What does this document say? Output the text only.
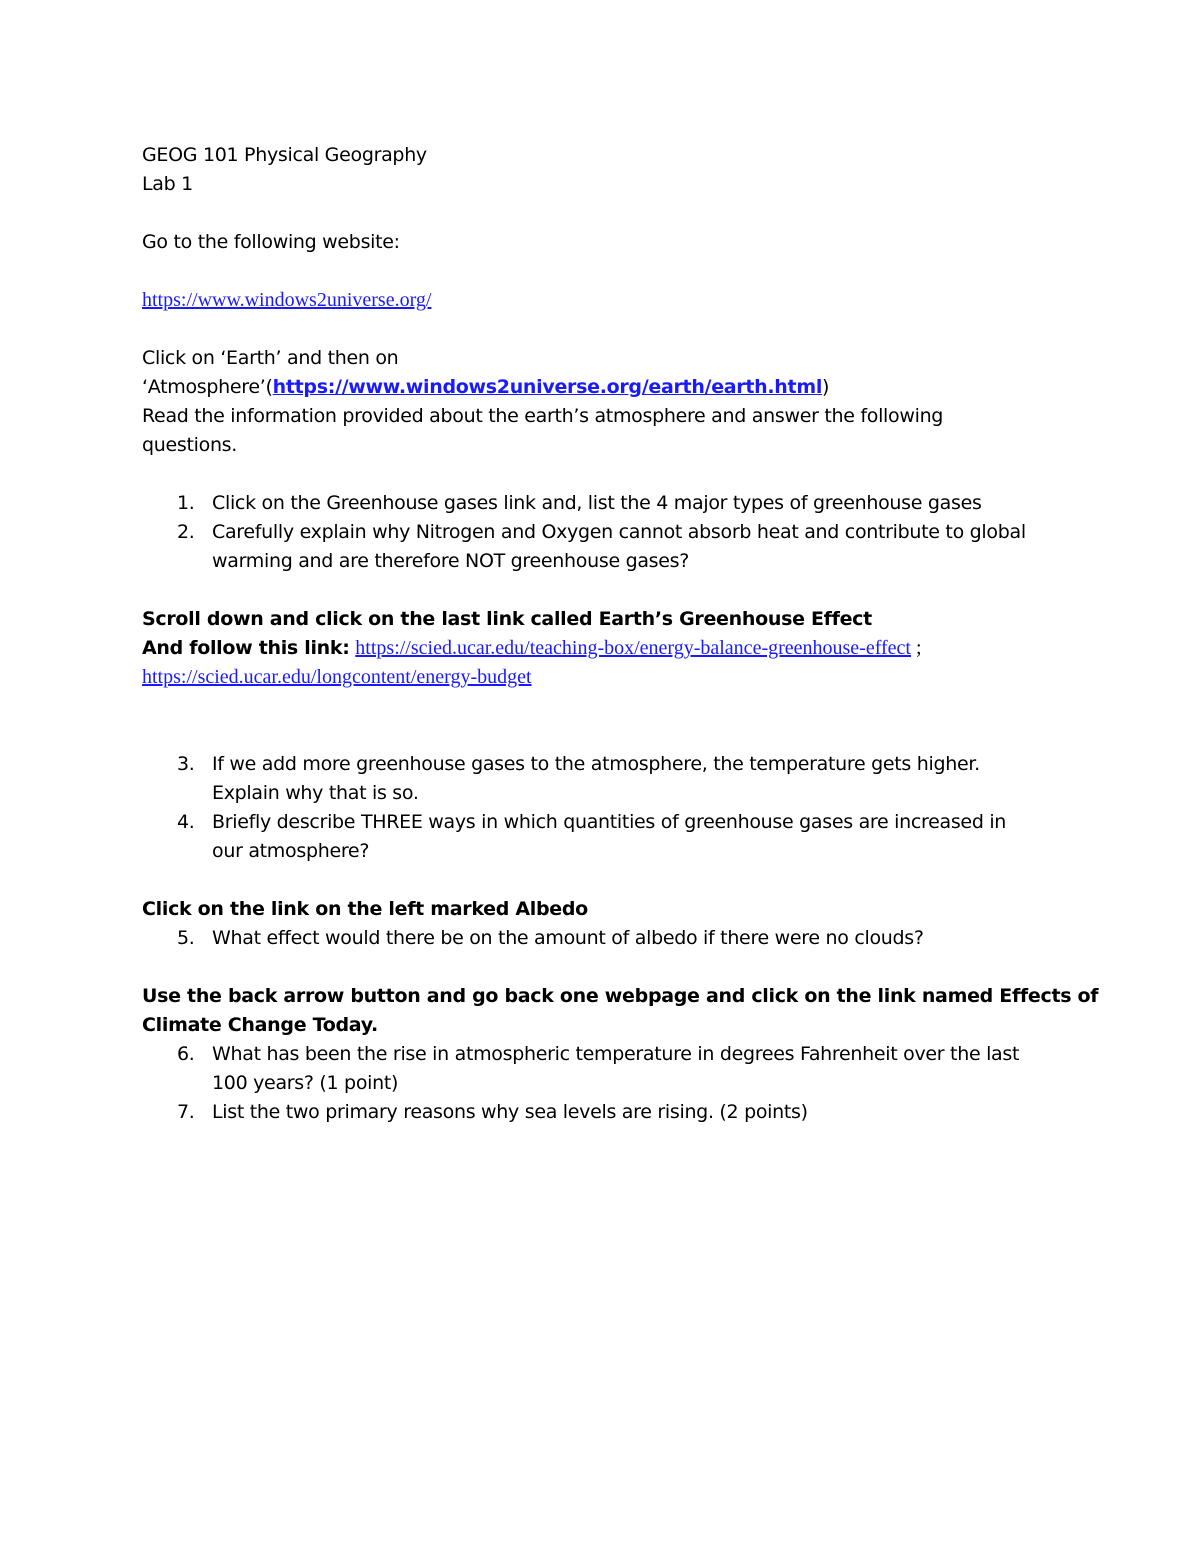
GEOG 101 Physical Geography
Lab 1
Go to the following website:
https://www.windows2universe.org/
Click on ‘Earth’ and then on
‘Atmosphere’(https://www.windows2universe.org/earth/earth.html)
Read the information provided about the earth’s atmosphere and answer the following
questions.
1. Click on the Greenhouse gases link and, list the 4 major types of greenhouse gases
2. Carefully explain why Nitrogen and Oxygen cannot absorb heat and contribute to global
warming and are therefore NOT greenhouse gases?
Scroll down and click on the last link called Earth’s Greenhouse Effect
And follow this link: https://scied.ucar.edu/teaching-box/energy-balance-greenhouse-effect ;
https://scied.ucar.edu/longcontent/energy-budget
3. If we add more greenhouse gases to the atmosphere, the temperature gets higher.
Explain why that is so.
4. Briefly describe THREE ways in which quantities of greenhouse gases are increased in
our atmosphere?
Click on the link on the left marked Albedo
5. What effect would there be on the amount of albedo if there were no clouds?
Use the back arrow button and go back one webpage and click on the link named Effects of
Climate Change Today.
6. What has been the rise in atmospheric temperature in degrees Fahrenheit over the last
100 years? (1 point)
7. List the two primary reasons why sea levels are rising. (2 points)
